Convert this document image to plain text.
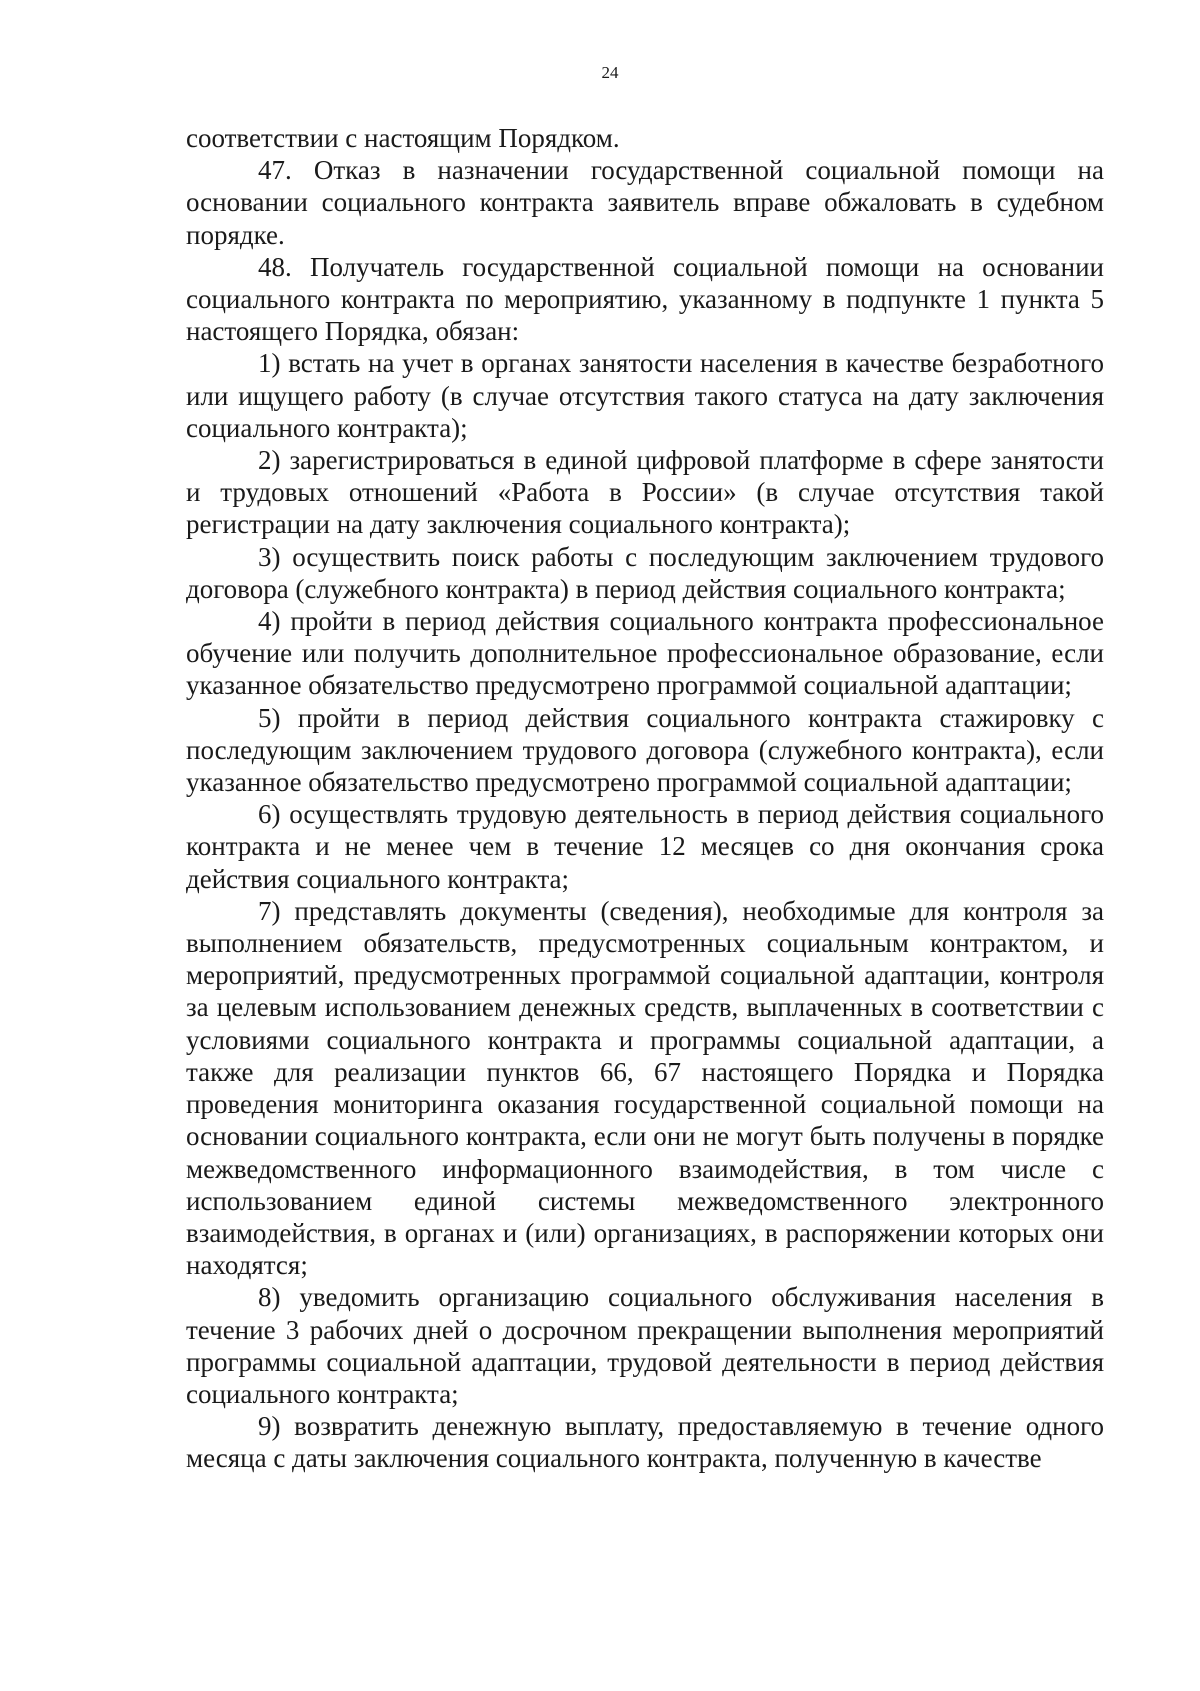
24

соответствии с настоящим Порядком.

47. Отказ в назначении государственной социальной помощи на основании социального контракта заявитель вправе обжаловать в судебном порядке.

48. Получатель государственной социальной помощи на основании социального контракта по мероприятию, указанному в подпункте 1 пункта 5 настоящего Порядка, обязан:

1) встать на учет в органах занятости населения в качестве безработного или ищущего работу (в случае отсутствия такого статуса на дату заключения социального контракта);

2) зарегистрироваться в единой цифровой платформе в сфере занятости и трудовых отношений «Работа в России» (в случае отсутствия такой регистрации на дату заключения социального контракта);

3) осуществить поиск работы с последующим заключением трудового договора (служебного контракта) в период действия социального контракта;

4) пройти в период действия социального контракта профессиональное обучение или получить дополнительное профессиональное образование, если указанное обязательство предусмотрено программой социальной адаптации;

5) пройти в период действия социального контракта стажировку с последующим заключением трудового договора (служебного контракта), если указанное обязательство предусмотрено программой социальной адаптации;

6) осуществлять трудовую деятельность в период действия социального контракта и не менее чем в течение 12 месяцев со дня окончания срока действия социального контракта;

7) представлять документы (сведения), необходимые для контроля за выполнением обязательств, предусмотренных социальным контрактом, и мероприятий, предусмотренных программой социальной адаптации, контроля за целевым использованием денежных средств, выплаченных в соответствии с условиями социального контракта и программы социальной адаптации, а также для реализации пунктов 66, 67 настоящего Порядка и Порядка проведения мониторинга оказания государственной социальной помощи на основании социального контракта, если они не могут быть получены в порядке межведомственного информационного взаимодействия, в том числе с использованием единой системы межведомственного электронного взаимодействия, в органах и (или) организациях, в распоряжении которых они находятся;

8) уведомить организацию социального обслуживания населения в течение 3 рабочих дней о досрочном прекращении выполнения мероприятий программы социальной адаптации, трудовой деятельности в период действия социального контракта;

9) возвратить денежную выплату, предоставляемую в течение одного месяца с даты заключения социального контракта, полученную в качестве
